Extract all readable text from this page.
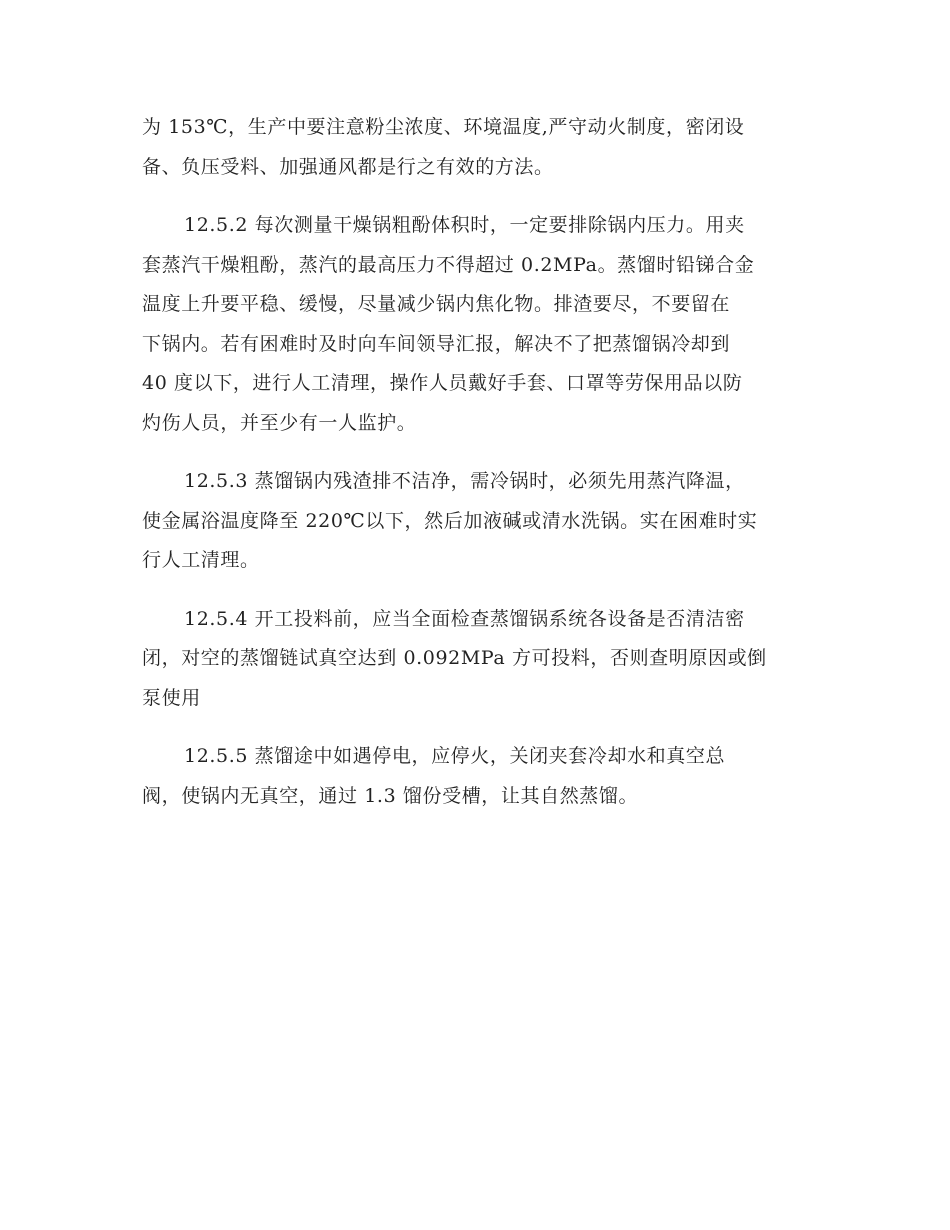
为 153℃，生产中要注意粉尘浓度、环境温度,严守动火制度，密闭设
备、负压受料、加强通风都是行之有效的方法。

12.5.2 每次测量干燥锅粗酚体积时，一定要排除锅内压力。用夹
套蒸汽干燥粗酚，蒸汽的最高压力不得超过 0.2MPa。蒸馏时铅锑合金
温度上升要平稳、缓慢，尽量减少锅内焦化物。排渣要尽，不要留在
下锅内。若有困难时及时向车间领导汇报，解决不了把蒸馏锅冷却到
40 度以下，进行人工清理，操作人员戴好手套、口罩等劳保用品以防
灼伤人员，并至少有一人监护。

12.5.3 蒸馏锅内残渣排不洁净，需冷锅时，必须先用蒸汽降温，
使金属浴温度降至 220℃以下，然后加液碱或清水洗锅。实在困难时实
行人工清理。

12.5.4 开工投料前，应当全面检查蒸馏锅系统各设备是否清洁密
闭，对空的蒸馏链试真空达到 0.092MPa 方可投料，否则查明原因或倒
泵使用

12.5.5 蒸馏途中如遇停电，应停火，关闭夹套冷却水和真空总
阀，使锅内无真空，通过 1.3 馏份受槽，让其自然蒸馏。
